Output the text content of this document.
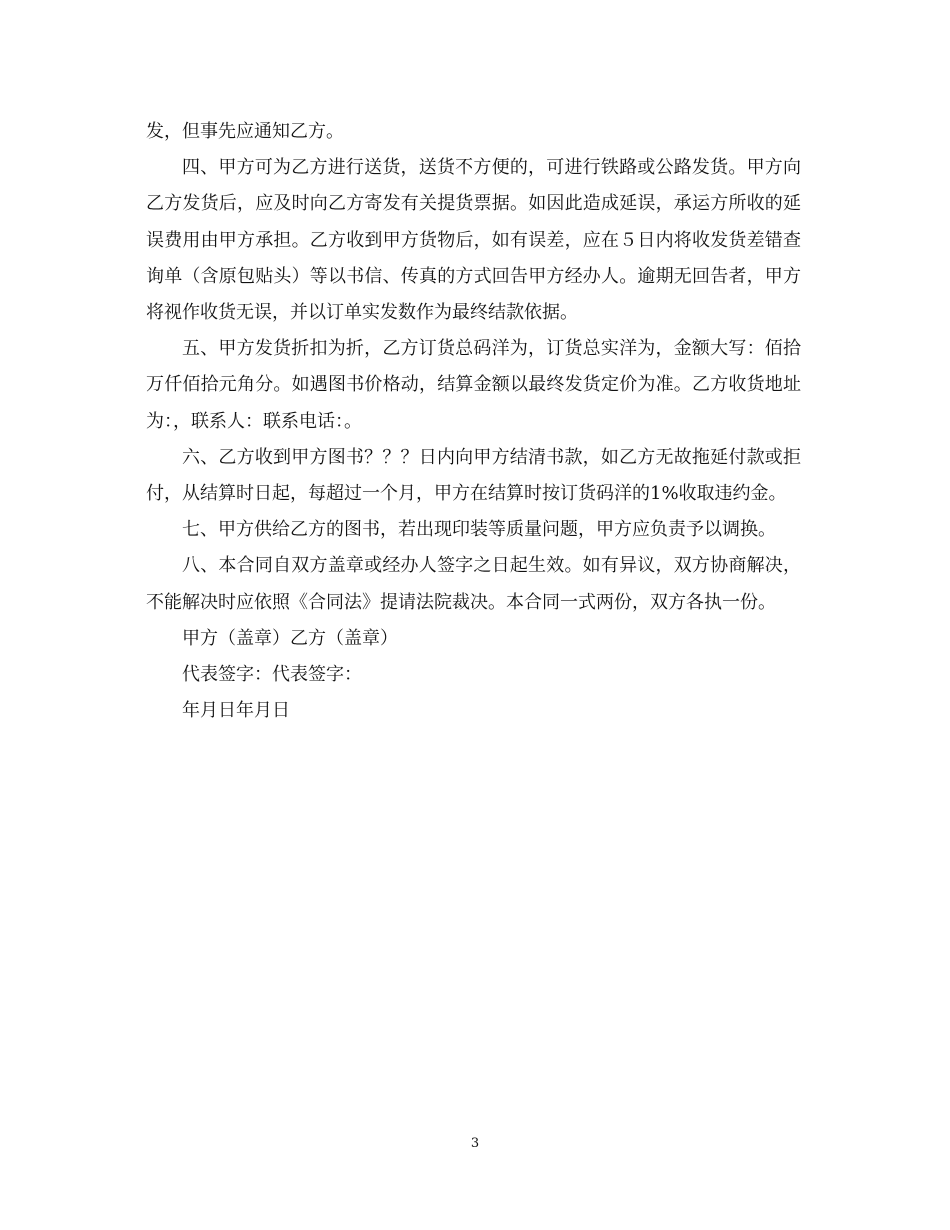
发，但事先应通知乙方。

四、甲方可为乙方进行送货，送货不方便的，可进行铁路或公路发货。甲方向乙方发货后，应及时向乙方寄发有关提货票据。如因此造成延误，承运方所收的延误费用由甲方承担。乙方收到甲方货物后，如有误差，应在５日内将收发货差错查询单（含原包贴头）等以书信、传真的方式回告甲方经办人。逾期无回告者，甲方将视作收货无误，并以订单实发数作为最终结款依据。

五、甲方发货折扣为折，乙方订货总码洋为，订货总实洋为，金额大写：佰拾万仟佰拾元角分。如遇图书价格动，结算金额以最终发货定价为准。乙方收货地址为：，联系人：联系电话：。

六、乙方收到甲方图书？？？日内向甲方结清书款，如乙方无故拖延付款或拒付，从结算时日起，每超过一个月，甲方在结算时按订货码洋的1%收取违约金。

七、甲方供给乙方的图书，若出现印装等质量问题，甲方应负责予以调换。

八、本合同自双方盖章或经办人签字之日起生效。如有异议，双方协商解决，不能解决时应依照《合同法》提请法院裁决。本合同一式两份，双方各执一份。

甲方（盖章）乙方（盖章）

代表签字：代表签字：

年月日年月日

3
